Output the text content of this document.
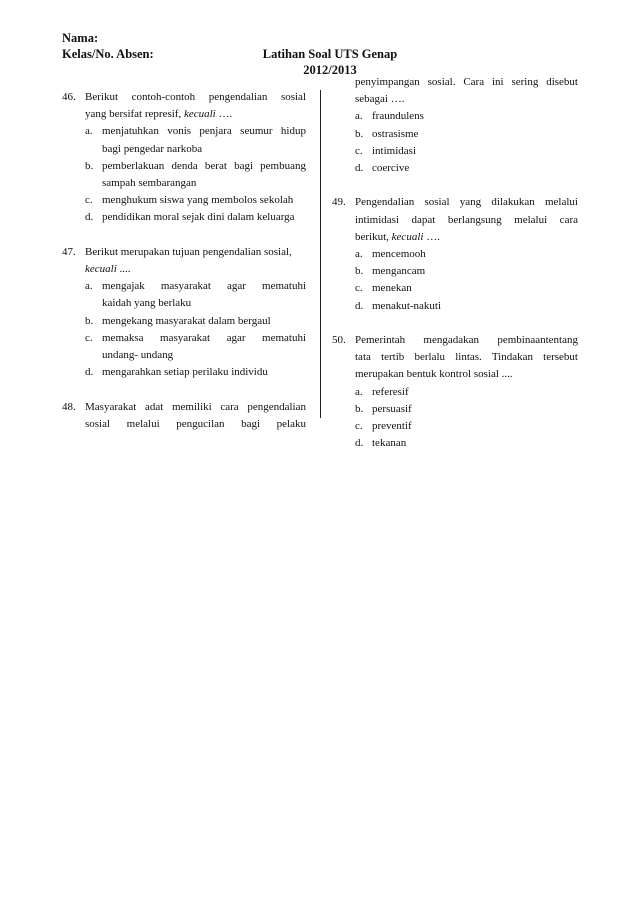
Nama:
Kelas/No. Absen:	Latihan Soal UTS Genap
2012/2013
46. Berikut contoh-contoh pengendalian sosial
yang bersifat represif, kecuali ….
a. menjatuhkan vonis penjara seumur hidup
bagi pengedar narkoba
b. pemberlakuan denda berat bagi pembuang
sampah sembarangan
c. menghukum siswa yang membolos sekolah
d. pendidikan moral sejak dini dalam keluarga
47. Berikut merupakan tujuan pengendalian sosial,
kecuali ....
a. mengajak masyarakat agar mematuhi
kaidah yang berlaku
b. mengekang masyarakat dalam bergaul
c. memaksa masyarakat agar mematuhi
undang- undang
d. mengarahkan setiap perilaku individu
48. Masyarakat adat memiliki cara pengendalian
sosial melalui pengucilan bagi pelaku
penyimpangan sosial. Cara ini sering disebut
sebagai ….
a. fraundulens
b. ostrasisme
c. intimidasi
d. coercive
49. Pengendalian sosial yang dilakukan melalui
intimidasi dapat berlangsung melalui cara
berikut, kecuali ….
a. mencemooh
b. mengancam
c. menekan
d. menakut-nakuti
50. Pemerintah mengadakan pembinaantentang
tata tertib berlalu lintas. Tindakan tersebut
merupakan bentuk kontrol sosial ....
a. referesif
b. persuasif
c. preventif
d. tekanan
